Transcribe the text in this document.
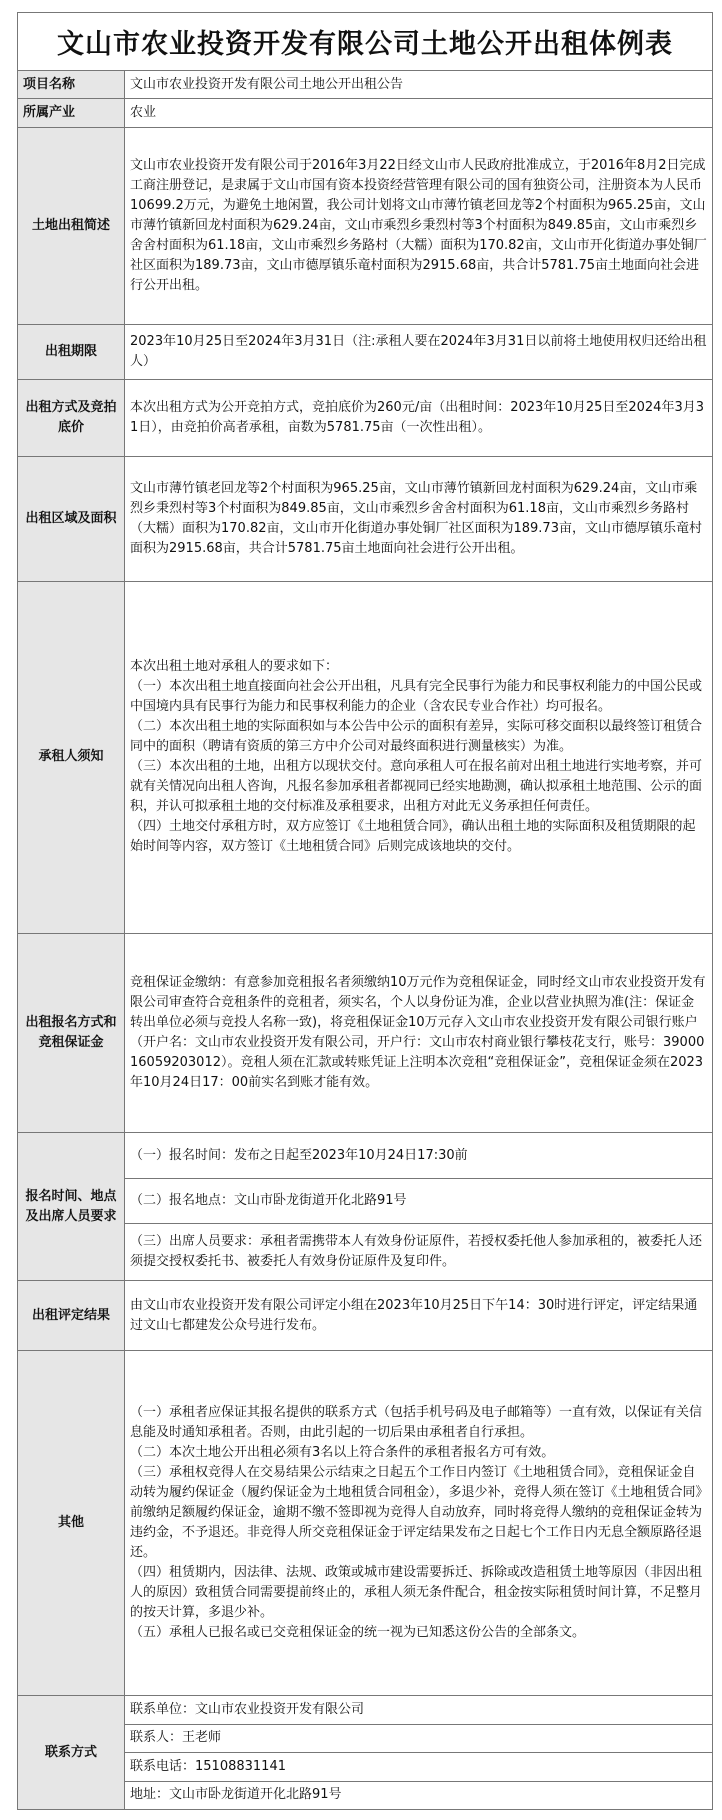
文山市农业投资开发有限公司土地公开出租体例表
项目名称	文山市农业投资开发有限公司土地公开出租公告
所属产业	农业
土地出租简述	文山市农业投资开发有限公司于2016年3月22日经文山市人民政府批准成立，于2016年8月2日完成工商注册登记，是隶属于文山市国有资本投资经营管理有限公司的国有独资公司，注册资本为人民币10699.2万元，为避免土地闲置，我公司计划将文山市薄竹镇老回龙等2个村面积为965.25亩，文山市薄竹镇新回龙村面积为629.24亩，文山市乘烈乡秉烈村等3个村面积为849.85亩，文山市乘烈乡舍舍村面积为61.18亩，文山市乘烈乡务路村（大糯）面积为170.82亩，文山市开化街道办事处铜厂社区面积为189.73亩，文山市德厚镇乐竜村面积为2915.68亩，共合计5781.75亩土地面向社会进行公开出租。
出租期限	2023年10月25日至2024年3月31日（注:承租人要在2024年3月31日以前将土地使用权归还给出租人）
出租方式及竞拍底价	本次出租方式为公开竞拍方式，竞拍底价为260元/亩（出租时间：2023年10月25日至2024年3月31日），由竞拍价高者承租，亩数为5781.75亩（一次性出租）。
出租区域及面积	文山市薄竹镇老回龙等2个村面积为965.25亩，文山市薄竹镇新回龙村面积为629.24亩，文山市乘烈乡秉烈村等3个村面积为849.85亩，文山市乘烈乡舍舍村面积为61.18亩，文山市乘烈乡务路村（大糯）面积为170.82亩，文山市开化街道办事处铜厂社区面积为189.73亩，文山市德厚镇乐竜村面积为2915.68亩，共合计5781.75亩土地面向社会进行公开出租。
承租人须知	本次出租土地对承租人的要求如下：
（一）本次出租土地直接面向社会公开出租，凡具有完全民事行为能力和民事权利能力的中国公民或中国境内具有民事行为能力和民事权利能力的企业（含农民专业合作社）均可报名。
（二）本次出租土地的实际面积如与本公告中公示的面积有差异，实际可移交面积以最终签订租赁合同中的面积（聘请有资质的第三方中介公司对最终面积进行测量核实）为准。
（三）本次出租的土地，出租方以现状交付。意向承租人可在报名前对出租土地进行实地考察，并可就有关情况向出租人咨询，凡报名参加承租者都视同已经实地勘测，确认拟承租土地范围、公示的面积，并认可拟承租土地的交付标准及承租要求，出租方对此无义务承担任何责任。
（四）土地交付承租方时，双方应签订《土地租赁合同》，确认出租土地的实际面积及租赁期限的起始时间等内容，双方签订《土地租赁合同》后则完成该地块的交付。
出租报名方式和竞租保证金	竞租保证金缴纳：有意参加竞租报名者须缴纳10万元作为竞租保证金，同时经文山市农业投资开发有限公司审查符合竞租条件的竞租者，须实名，个人以身份证为准，企业以营业执照为准(注：保证金转出单位必须与竞投人名称一致)，将竞租保证金10万元存入文山市农业投资开发有限公司银行账户（开户名：文山市农业投资开发有限公司，开户行：文山市农村商业银行攀枝花支行，账号：3900016059203012）。竞租人须在汇款或转账凭证上注明本次竞租“竞租保证金”，竞租保证金须在2023年10月24日17：00前实名到账才能有效。
报名时间、地点及出席人员要求	（一）报名时间：发布之日起至2023年10月24日17:30前
	（二）报名地点：文山市卧龙街道开化北路91号
	（三）出席人员要求：承租者需携带本人有效身份证原件，若授权委托他人参加承租的，被委托人还须提交授权委托书、被委托人有效身份证原件及复印件。
出租评定结果	由文山市农业投资开发有限公司评定小组在2023年10月25日下午14：30时进行评定，评定结果通过文山七都建发公众号进行发布。
其他	（一）承租者应保证其报名提供的联系方式（包括手机号码及电子邮箱等）一直有效，以保证有关信息能及时通知承租者。否则，由此引起的一切后果由承租者自行承担。
（二）本次土地公开出租必须有3名以上符合条件的承租者报名方可有效。
（三）承租权竞得人在交易结果公示结束之日起五个工作日内签订《土地租赁合同》，竞租保证金自动转为履约保证金（履约保证金为土地租赁合同租金），多退少补，竞得人须在签订《土地租赁合同》前缴纳足额履约保证金，逾期不缴不签即视为竞得人自动放弃，同时将竞得人缴纳的竞租保证金转为违约金，不予退还。非竞得人所交竞租保证金于评定结果发布之日起七个工作日内无息全额原路径退还。
（四）租赁期内，因法律、法规、政策或城市建设需要拆迁、拆除或改造租赁土地等原因（非因出租人的原因）致租赁合同需要提前终止的，承租人须无条件配合，租金按实际租赁时间计算，不足整月的按天计算，多退少补。
（五）承租人已报名或已交竞租保证金的统一视为已知悉这份公告的全部条文。
联系方式	联系单位：文山市农业投资开发有限公司
	联系人：王老师
	联系电话：15108831141
	地址：文山市卧龙街道开化北路91号
